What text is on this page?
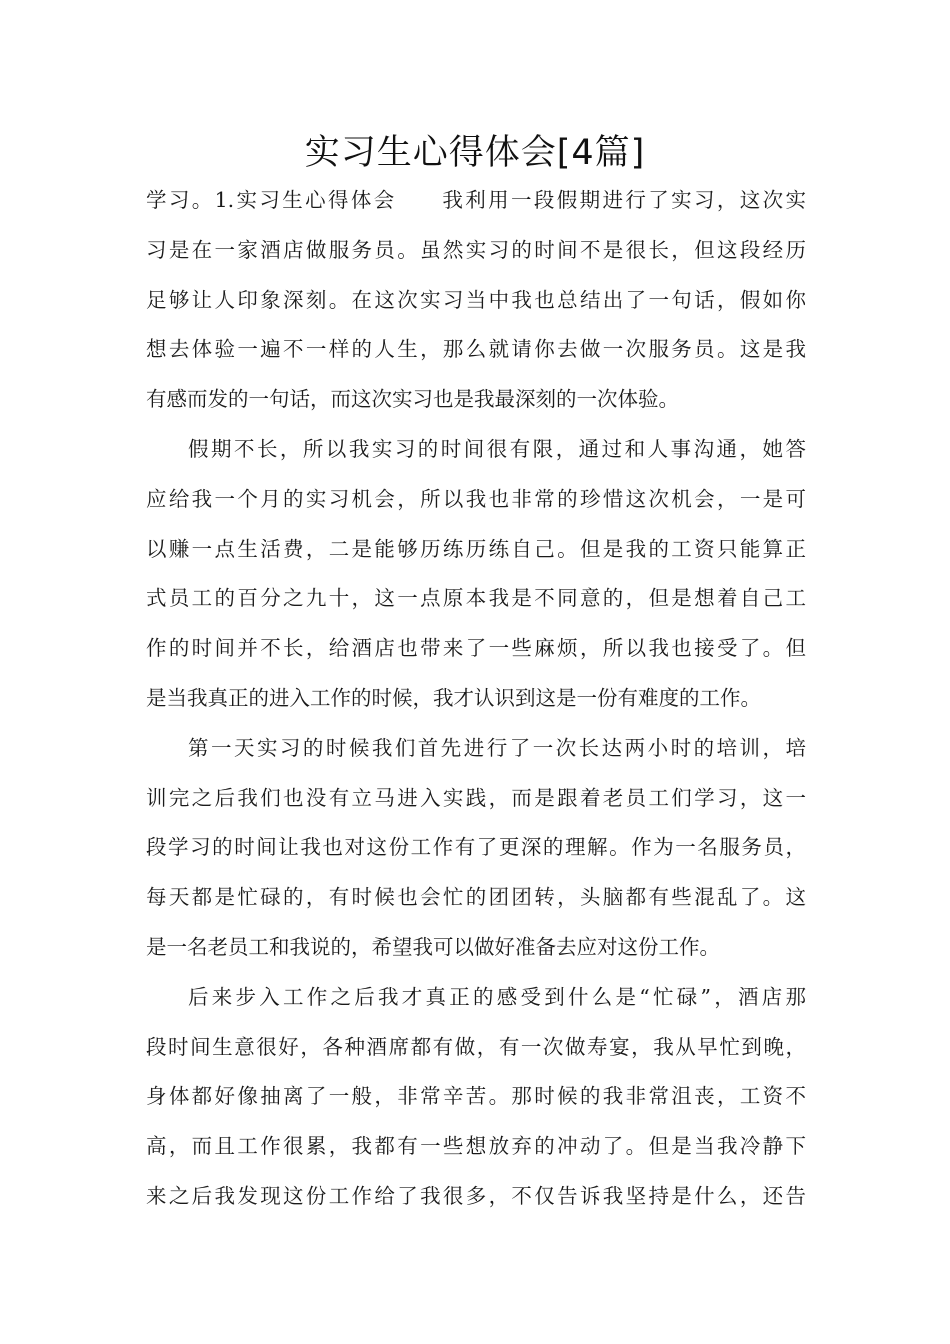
实习生心得体会[4篇]
学习。1.实习生心得体会　　我利用一段假期进行了实习，这次实
习是在一家酒店做服务员。虽然实习的时间不是很长，但这段经历
足够让人印象深刻。在这次实习当中我也总结出了一句话，假如你
想去体验一遍不一样的人生，那么就请你去做一次服务员。这是我
有感而发的一句话，而这次实习也是我最深刻的一次体验。
假期不长，所以我实习的时间很有限，通过和人事沟通，她答
应给我一个月的实习机会，所以我也非常的珍惜这次机会，一是可
以赚一点生活费，二是能够历练历练自己。但是我的工资只能算正
式员工的百分之九十，这一点原本我是不同意的，但是想着自己工
作的时间并不长，给酒店也带来了一些麻烦，所以我也接受了。但
是当我真正的进入工作的时候，我才认识到这是一份有难度的工作。
第一天实习的时候我们首先进行了一次长达两小时的培训，培
训完之后我们也没有立马进入实践，而是跟着老员工们学习，这一
段学习的时间让我也对这份工作有了更深的理解。作为一名服务员，
每天都是忙碌的，有时候也会忙的团团转，头脑都有些混乱了。这
是一名老员工和我说的，希望我可以做好准备去应对这份工作。
后来步入工作之后我才真正的感受到什么是“忙碌”，酒店那
段时间生意很好，各种酒席都有做，有一次做寿宴，我从早忙到晚，
身体都好像抽离了一般，非常辛苦。那时候的我非常沮丧，工资不
高，而且工作很累，我都有一些想放弃的冲动了。但是当我冷静下
来之后我发现这份工作给了我很多，不仅告诉我坚持是什么，还告
